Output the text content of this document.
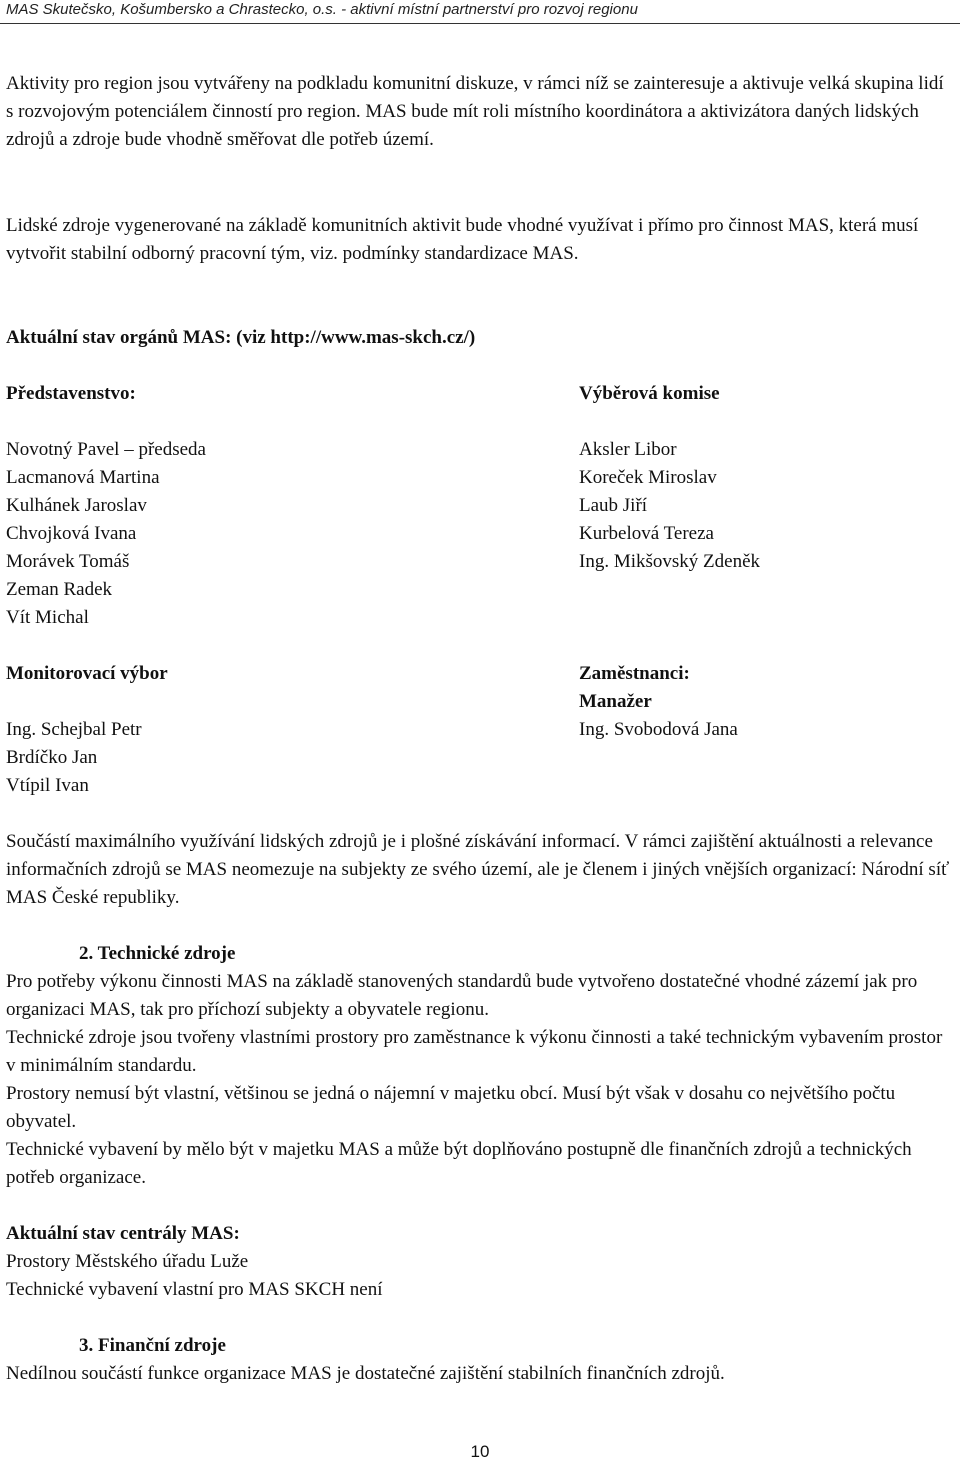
MAS Skutečsko, Košumbersko a Chrastecko, o.s. - aktivní místní partnerství pro rozvoj regionu

Aktivity pro region jsou vytvářeny na podkladu komunitní diskuze, v rámci níž se zainteresuje a aktivuje velká skupina lidí s rozvojovým potenciálem činností pro region. MAS bude mít roli místního koordinátora a aktivizátora daných lidských zdrojů a zdroje bude vhodně směřovat dle potřeb území.

Lidské zdroje vygenerované na základě komunitních aktivit bude vhodné využívat i přímo pro činnost MAS, která musí vytvořit stabilní odborný pracovní tým, viz. podmínky standardizace MAS.

Aktuální stav orgánů MAS: (viz http://www.mas-skch.cz/)

Představenstvo:
Novotný Pavel – předseda
Lacmanová Martina
Kulhánek Jaroslav
Chvojková Ivana
Morávek Tomáš
Zeman Radek
Vít Michal
Monitorovací výbor
Ing. Schejbal Petr
Brdíčko Jan
Vtípil Ivan
Výběrová komise
Aksler Libor
Koreček Miroslav
Laub Jiří
Kurbelová Tereza
Ing. Mikšovský Zdeněk
Zaměstnanci:
Manažer
Ing. Svobodová Jana

Součástí maximálního využívání lidských zdrojů je i plošné získávání informací. V rámci zajištění aktuálnosti a relevance informačních zdrojů se MAS neomezuje na subjekty ze svého území, ale je členem i jiných vnějších organizací: Národní síť MAS České republiky.

2. Technické zdroje

Pro potřeby výkonu činnosti MAS na základě stanovených standardů bude vytvořeno dostatečné vhodné zázemí jak pro organizaci MAS, tak pro příchozí subjekty a obyvatele regionu.

Technické zdroje jsou tvořeny vlastními prostory pro zaměstnance k výkonu činnosti a také technickým vybavením prostor v minimálním standardu.

Prostory nemusí být vlastní, většinou se jedná o nájemní v majetku obcí. Musí být však v dosahu co největšího počtu obyvatel.

Technické vybavení by mělo být v majetku MAS a může být doplňováno postupně dle finančních zdrojů a technických potřeb organizace.

Aktuální stav centrály MAS:

Prostory Městského úřadu Luže

Technické vybavení vlastní pro MAS SKCH není

3. Finanční zdroje

Nedílnou součástí funkce organizace MAS je dostatečné zajištění stabilních finančních zdrojů.

10
